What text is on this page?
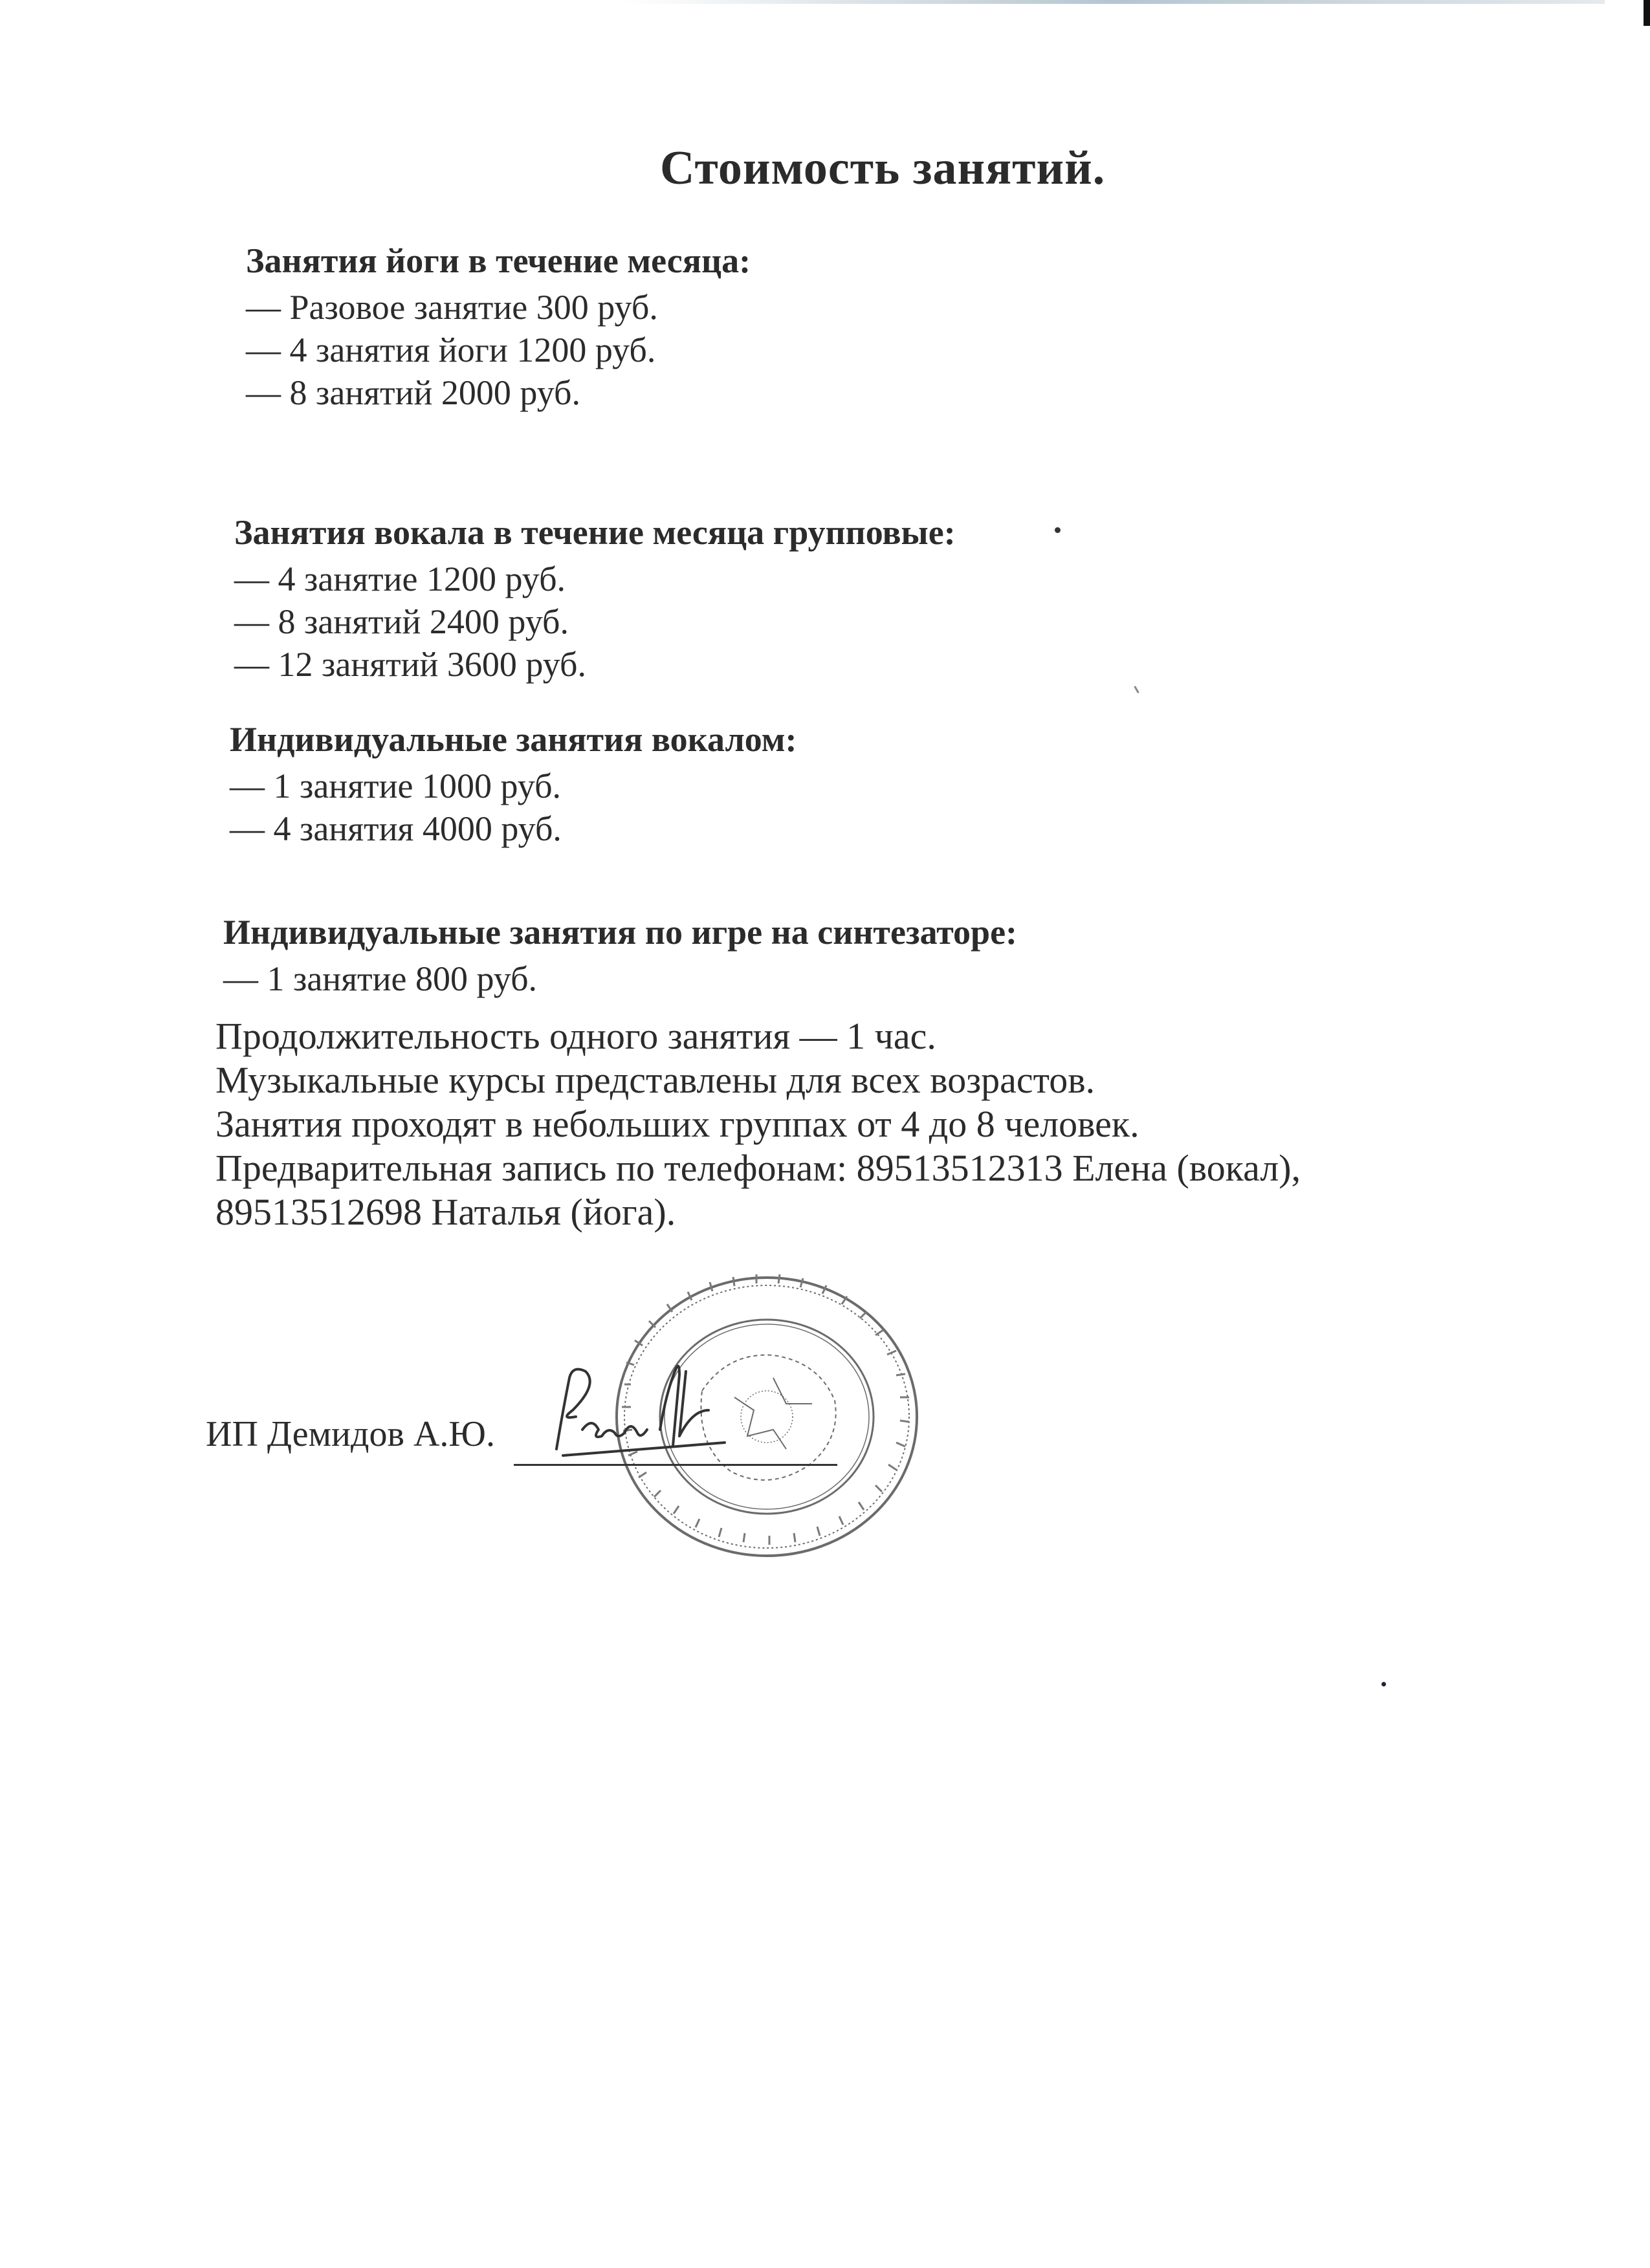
Стоимость занятий.
Занятия йоги в течение месяца:

— Разовое занятие 300 руб.

— 4 занятия йоги 1200 руб.

— 8 занятий 2000 руб.

Занятия вокала в течение месяца групповые:

— 4 занятие 1200 руб.

— 8 занятий 2400 руб.

— 12 занятий 3600 руб.

Индивидуальные занятия вокалом:

— 1 занятие 1000 руб.

— 4 занятия 4000 руб.

Индивидуальные занятия по игре на синтезаторе:

— 1 занятие 800 руб.

Продолжительность одного занятия — 1 час.

Музыкальные курсы представлены для всех возрастов.

Занятия проходят в небольших группах от 4 до 8 человек.

Предварительная запись по телефонам: 89513512313 Елена (вокал),

89513512698 Наталья (йога).

ИП Демидов А.Ю.
